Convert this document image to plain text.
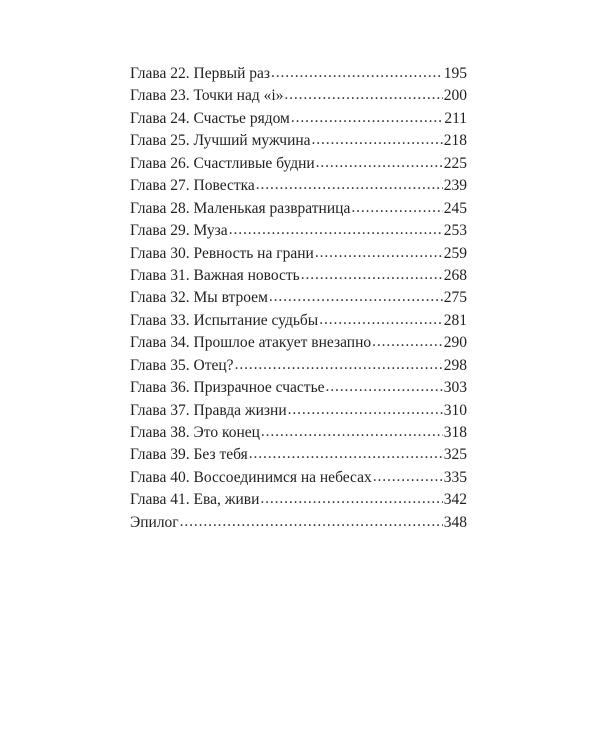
Глава 22. Первый раз . . .	195
Глава 23. Точки над «i» . . .	200
Глава 24. Счастье рядом . . .	211
Глава 25. Лучший мужчина . . .	218
Глава 26. Счастливые будни . . .	225
Глава 27. Повестка . . .	239
Глава 28. Маленькая развратница . . .	245
Глава 29. Муза . . .	253
Глава 30. Ревность на грани . . .	259
Глава 31. Важная новость . . .	268
Глава 32. Мы втроем . . .	275
Глава 33. Испытание судьбы . . .	281
Глава 34. Прошлое атакует внезапно . . .	290
Глава 35. Отец? . . .	298
Глава 36. Призрачное счастье . . .	303
Глава 37. Правда жизни . . .	310
Глава 38. Это конец . . .	318
Глава 39. Без тебя . . .	325
Глава 40. Воссоединимся на небесах . . .	335
Глава 41. Ева, живи . . .	342
Эпилог . . .	348
